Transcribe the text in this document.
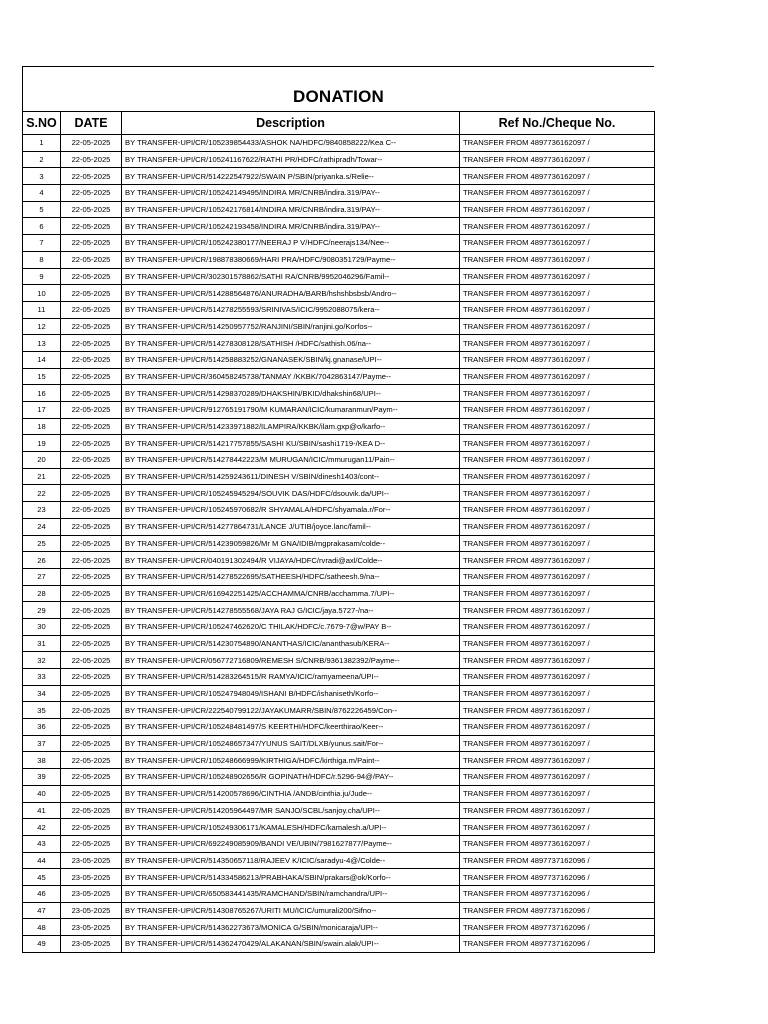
DONATION
S.NO	DATE	Description	Ref No./Cheque No.
1	22-05-2025	BY TRANSFER-UPI/CR/105239854433/ASHOK NA/HDFC/9840858222/Kea C--	TRANSFER FROM 4897736162097 /
2	22-05-2025	BY TRANSFER-UPI/CR/105241167622/RATHI PR/HDFC/rathipradh/Towar--	TRANSFER FROM 4897736162097 /
3	22-05-2025	BY TRANSFER-UPI/CR/514222547922/SWAIN P/SBIN/priyanka.s/Relie--	TRANSFER FROM 4897736162097 /
4	22-05-2025	BY TRANSFER-UPI/CR/105242149495/INDIRA MR/CNRB/indira.319/PAY--	TRANSFER FROM 4897736162097 /
5	22-05-2025	BY TRANSFER-UPI/CR/105242176814/INDIRA MR/CNRB/indira.319/PAY--	TRANSFER FROM 4897736162097 /
6	22-05-2025	BY TRANSFER-UPI/CR/105242193458/INDIRA MR/CNRB/indira.319/PAY--	TRANSFER FROM 4897736162097 /
7	22-05-2025	BY TRANSFER-UPI/CR/105242380177/NEERAJ P V/HDFC/neerajs134/Nee--	TRANSFER FROM 4897736162097 /
8	22-05-2025	BY TRANSFER-UPI/CR/198878380669/HARI PRA/HDFC/9080351729/Payme--	TRANSFER FROM 4897736162097 /
9	22-05-2025	BY TRANSFER-UPI/CR/302301578862/SATHI RA/CNRB/9952046296/Famil--	TRANSFER FROM 4897736162097 /
10	22-05-2025	BY TRANSFER-UPI/CR/514288564876/ANURADHA/BARB/hshshbsbsb/Andro--	TRANSFER FROM 4897736162097 /
11	22-05-2025	BY TRANSFER-UPI/CR/514278255593/SRINIVAS/ICIC/9952088075/kera--	TRANSFER FROM 4897736162097 /
12	22-05-2025	BY TRANSFER-UPI/CR/514250957752/RANJINI/SBIN/ranjini.go/Korfos--	TRANSFER FROM 4897736162097 /
13	22-05-2025	BY TRANSFER-UPI/CR/514278308128/SATHISH /HDFC/sathish.06/na--	TRANSFER FROM 4897736162097 /
14	22-05-2025	BY TRANSFER-UPI/CR/514258883252/GNANASEK/SBIN/kj.gnanase/UPI--	TRANSFER FROM 4897736162097 /
15	22-05-2025	BY TRANSFER-UPI/CR/360458245738/TANMAY /KKBK/7042863147/Payme--	TRANSFER FROM 4897736162097 /
16	22-05-2025	BY TRANSFER-UPI/CR/514298370289/DHAKSHIN/BKID/dhakshin68/UPI--	TRANSFER FROM 4897736162097 /
17	22-05-2025	BY TRANSFER-UPI/CR/912765191790/M KUMARAN/ICIC/kumaranmun/Paym--	TRANSFER FROM 4897736162097 /
18	22-05-2025	BY TRANSFER-UPI/CR/514233971882/ILAMPIRA/KKBK/ilam.gxp@o/karfo--	TRANSFER FROM 4897736162097 /
19	22-05-2025	BY TRANSFER-UPI/CR/514217757855/SASHI KU/SBIN/sashi1719-/KEA D--	TRANSFER FROM 4897736162097 /
20	22-05-2025	BY TRANSFER-UPI/CR/514278442223/M MURUGAN/ICIC/mmurugan11/Pain--	TRANSFER FROM 4897736162097 /
21	22-05-2025	BY TRANSFER-UPI/CR/514259243611/DINESH V/SBIN/dinesh1403/cont--	TRANSFER FROM 4897736162097 /
22	22-05-2025	BY TRANSFER-UPI/CR/105245945294/SOUVIK DAS/HDFC/dsouvik.da/UPI--	TRANSFER FROM 4897736162097 /
23	22-05-2025	BY TRANSFER-UPI/CR/105245970682/R SHYAMALA/HDFC/shyamala.r/For--	TRANSFER FROM 4897736162097 /
24	22-05-2025	BY TRANSFER-UPI/CR/514277864731/LANCE J/UTIB/joyce.lanc/famil--	TRANSFER FROM 4897736162097 /
25	22-05-2025	BY TRANSFER-UPI/CR/514239059826/Mr M GNA/IDIB/mgprakasam/colde--	TRANSFER FROM 4897736162097 /
26	22-05-2025	BY TRANSFER-UPI/CR/040191302494/R VIJAYA/HDFC/rvradi@axl/Colde--	TRANSFER FROM 4897736162097 /
27	22-05-2025	BY TRANSFER-UPI/CR/514278522695/SATHEESH/HDFC/satheesh.9/na--	TRANSFER FROM 4897736162097 /
28	22-05-2025	BY TRANSFER-UPI/CR/616942251425/ACCHAMMA/CNRB/acchamma.7/UPI--	TRANSFER FROM 4897736162097 /
29	22-05-2025	BY TRANSFER-UPI/CR/514278555568/JAYA RAJ G/ICIC/jaya.5727-/na--	TRANSFER FROM 4897736162097 /
30	22-05-2025	BY TRANSFER-UPI/CR/105247462620/C THILAK/HDFC/c.7679-7@w/PAY B--	TRANSFER FROM 4897736162097 /
31	22-05-2025	BY TRANSFER-UPI/CR/514230754890/ANANTHAS/ICIC/ananthasub/KERA--	TRANSFER FROM 4897736162097 /
32	22-05-2025	BY TRANSFER-UPI/CR/056772716809/REMESH S/CNRB/9361382392/Payme--	TRANSFER FROM 4897736162097 /
33	22-05-2025	BY TRANSFER-UPI/CR/514283264515/R RAMYA/ICIC/ramyameena/UPI--	TRANSFER FROM 4897736162097 /
34	22-05-2025	BY TRANSFER-UPI/CR/105247948049/ISHANI B/HDFC/ishaniseth/Korfo--	TRANSFER FROM 4897736162097 /
35	22-05-2025	BY TRANSFER-UPI/CR/222540799122/JAYAKUMARR/SBIN/8762226459/Con--	TRANSFER FROM 4897736162097 /
36	22-05-2025	BY TRANSFER-UPI/CR/105248481497/S KEERTHI/HDFC/keerthirao/Keer--	TRANSFER FROM 4897736162097 /
37	22-05-2025	BY TRANSFER-UPI/CR/105248657347/YUNUS SAIT/DLXB/yunus.sait/For--	TRANSFER FROM 4897736162097 /
38	22-05-2025	BY TRANSFER-UPI/CR/105248666999/KIRTHIGA/HDFC/kirthiga.m/Paint--	TRANSFER FROM 4897736162097 /
39	22-05-2025	BY TRANSFER-UPI/CR/105248902656/R GOPINATH/HDFC/r.5296-94@/PAY--	TRANSFER FROM 4897736162097 /
40	22-05-2025	BY TRANSFER-UPI/CR/514200578696/CINTHIA /ANDB/cinthia.ju/Jude--	TRANSFER FROM 4897736162097 /
41	22-05-2025	BY TRANSFER-UPI/CR/514205964497/MR SANJO/SCBL/sanjoy.cha/UPI--	TRANSFER FROM 4897736162097 /
42	22-05-2025	BY TRANSFER-UPI/CR/105249306171/KAMALESH/HDFC/kamalesh.a/UPI--	TRANSFER FROM 4897736162097 /
43	22-05-2025	BY TRANSFER-UPI/CR/692249085909/BANDI VE/UBIN/7981627877/Payme--	TRANSFER FROM 4897736162097 /
44	23-05-2025	BY TRANSFER-UPI/CR/514350657118/RAJEEV K/ICIC/saradyu-4@/Colde--	TRANSFER FROM 4897737162096 /
45	23-05-2025	BY TRANSFER-UPI/CR/514334586213/PRABHAKA/SBIN/prakars@ok/Korfo--	TRANSFER FROM 4897737162096 /
46	23-05-2025	BY TRANSFER-UPI/CR/650583441435/RAMCHAND/SBIN/ramchandra/UPI--	TRANSFER FROM 4897737162096 /
47	23-05-2025	BY TRANSFER-UPI/CR/514308765267/URITI MU/ICIC/umurali200/Sifno--	TRANSFER FROM 4897737162096 /
48	23-05-2025	BY TRANSFER-UPI/CR/514362273673/MONICA G/SBIN/monicaraja/UPI--	TRANSFER FROM 4897737162096 /
49	23-05-2025	BY TRANSFER-UPI/CR/514362470429/ALAKANAN/SBIN/swain.alak/UPI--	TRANSFER FROM 4897737162096 /
